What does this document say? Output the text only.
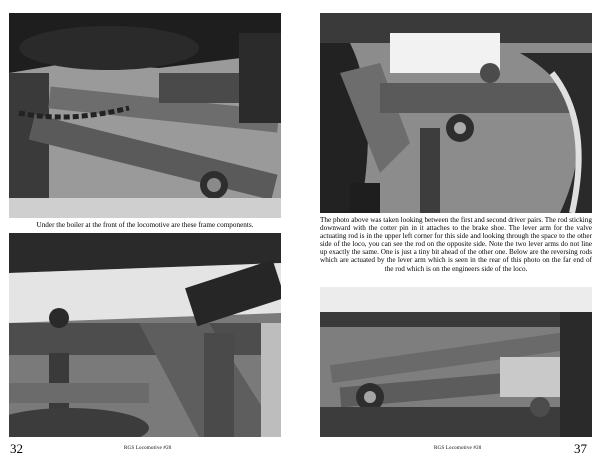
Under the boiler at the front of the locomotive are these frame components.
32	RGS Locomotive #20
The photo above was taken looking between the first and second driver pairs. The rod sticking downward with the cotter pin in it attaches to the brake shoe. The lever arm for the valve actuating rod is in the upper left corner for this side and looking through the space to the other side of the loco, you can see the rod on the opposite side. Note the two lever arms do not line up exactly the same. One is just a tiny bit ahead of the other one. Below are the reversing rods which are actuated by the lever arm which is seen in the rear of this photo on the far end of the rod which is on the engineers side of the loco.
RGS Locomotive #20	37
